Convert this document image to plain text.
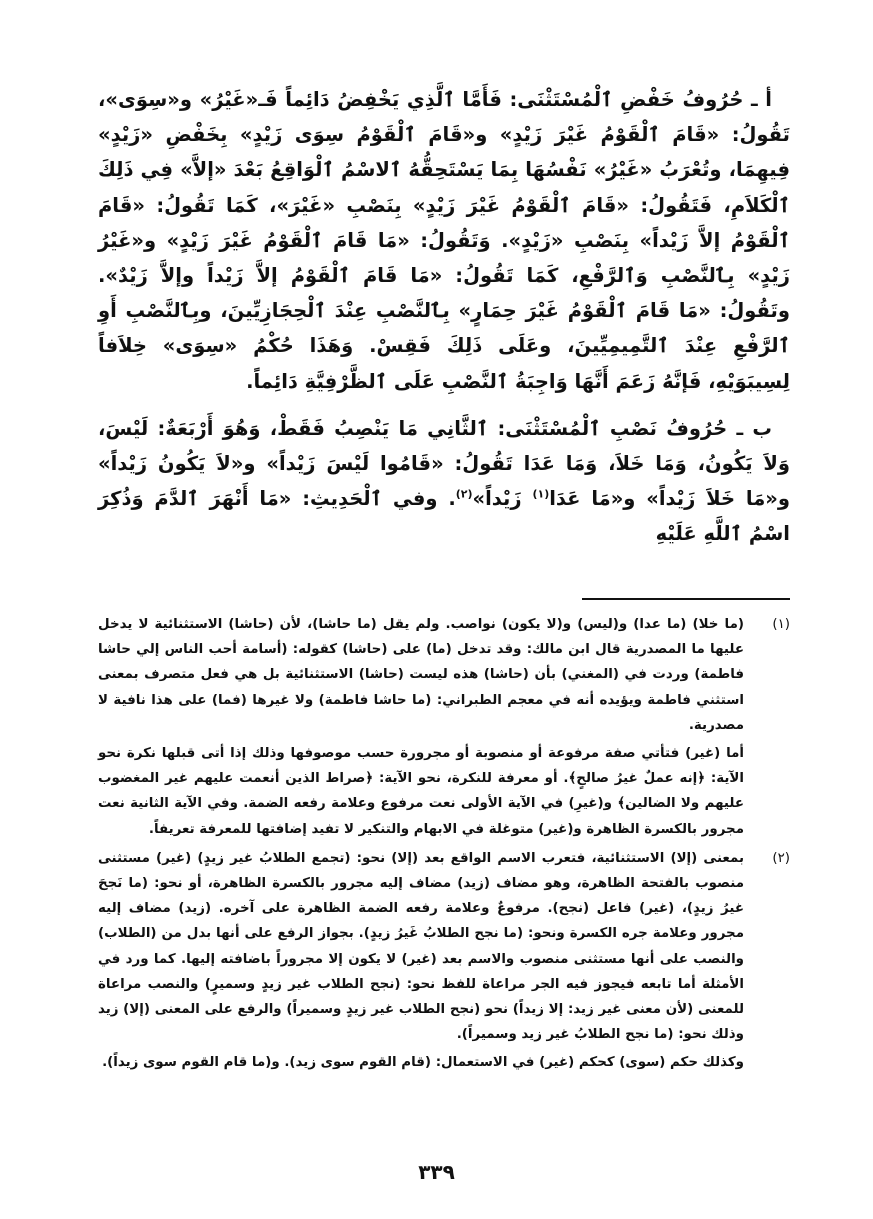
أ ـ حُرُوفُ خَفْضِ ٱلْمُسْتَثْنَى: فَأَمَّا ٱلَّذِي يَخْفِضُ دَائِماً فَـ«غَيْرُ» و«سِوَى»، تَقُولُ: «قَامَ ٱلْقَوْمُ غَيْرَ زَيْدٍ» و«قَامَ ٱلْقَوْمُ سِوَى زَيْدٍ» بِخَفْضِ «زَيْدٍ» فِيهِمَا، وتُعْرَبُ «غَيْرُ» نَفْسُهَا بِمَا يَسْتَحِقُّهُ ٱلاسْمُ ٱلْوَاقِعُ بَعْدَ «إلاَّ» فِي ذَلِكَ ٱلْكَلاَمِ، فَتَقُولُ: «قَامَ ٱلْقَوْمُ غَيْرَ زَيْدٍ» بِنَصْبِ «غَيْرَ»، كَمَا تَقُولُ: «قَامَ ٱلْقَوْمُ إلاَّ زَيْداً» بِنَصْبِ «زَيْدٍ». وَتَقُولُ: «مَا قَامَ ٱلْقَوْمُ غَيْرَ زَيْدٍ» و«غَيْرُ زَيْدٍ» بِٱلنَّصْبِ وَٱلرَّفْعِ، كَمَا تَقُولُ: «مَا قَامَ ٱلْقَوْمُ إلاَّ زَيْداً وإلاَّ زَيْدٌ». وتَقُولُ: «مَا قَامَ ٱلْقَوْمُ غَيْرَ حِمَارٍ» بِٱلنَّصْبِ عِنْدَ ٱلْحِجَازِيِّينَ، وبِٱلنَّصْبِ أَوِ ٱلرَّفْعِ عِنْدَ ٱلتَّمِيمِيِّينَ، وعَلَى ذَلِكَ فَقِسْ. وَهَذَا حُكْمُ «سِوَى» خِلاَفاً لِسِيبَوَيْهِ، فَإنَّهُ زَعَمَ أَنَّهَا وَاجِبَةُ ٱلنَّصْبِ عَلَى ٱلظَّرْفِيَّةِ دَائِماً.

ب ـ حُرُوفُ نَصْبِ ٱلْمُسْتَثْنَى: ٱلثَّانِي مَا يَنْصِبُ فَقَطْ، وَهُوَ أَرْبَعَةٌ: لَيْسَ، وَلاَ يَكُونُ، وَمَا خَلاَ، وَمَا عَدَا تَقُولُ: «قَامُوا لَيْسَ زَيْداً» و«لاَ يَكُونُ زَيْداً» و«مَا خَلاَ زَيْداً» و«مَا عَدَا$^{(١)}$ زَيْداً»$^{(٢)}$. وفي ٱلْحَدِيثِ: «مَا أَنْهَرَ ٱلدَّمَ وَذُكِرَ اسْمُ ٱللَّهِ عَلَيْهِ

(١)

(ما خلا) (ما عدا) و(ليس) و(لا يكون) نواصب. ولم يقل (ما حاشا)، لأن (حاشا) الاستثنائية لا يدخل عليها ما المصدرية قال ابن مالك: وقد تدخل (ما) على (حاشا) كقوله: (أسامة أحب الناس إلي حاشا فاطمة) وردت في (المغني) بأن (حاشا) هذه ليست (حاشا) الاستثنائية بل هي فعل متصرف بمعنى استثني فاطمة ويؤيده أنه في معجم الطبراني: (ما حاشا فاطمة) ولا غيرها (فما) على هذا نافية لا مصدرية.

أما (غير) فتأتي صفة مرفوعة أو منصوبة أو مجرورة حسب موصوفها وذلك إذا أتى قبلها نكرة نحو الآية: ﴿إنه عملٌ غيرُ صالحٍ﴾. أو معرفة للنكرة، نحو الآية: ﴿صراط الذين أنعمت عليهم غير المغضوب عليهم ولا الضالين﴾ و(غيرِ) في الآية الأولى نعت مرفوع وعلامة رفعه الضمة. وفي الآية الثانية نعت مجرور بالكسرة الظاهرة و(غير) متوغلة في الابهام والتنكير لا تفيد إضافتها للمعرفة تعريفاً.

(٢)

بمعنى (إلا) الاستثنائية، فتعرب الاسم الواقع بعد (إلا) نحو: (تجمع الطلابُ غير زيدٍ) (غير) مستثنى منصوب بالفتحة الظاهرة، وهو مضاف (زيد) مضاف إليه مجرور بالكسرة الظاهرة، أو نحو: (ما نَجحَ غيرُ زيدٍ)، (غير) فاعل (نجح). مرفوعٌ وعلامة رفعه الضمة الظاهرة على آخره. (زيد) مضاف إليه مجرور وعلامة جره الكسرة ونحو: (ما نجح الطلابُ غَيرُ زيدٍ). بجواز الرفع على أنها بدل من (الطلاب) والنصب على أنها مستثنى منصوب والاسم بعد (غير) لا يكون إلا مجروراً باضافته إليها. كما ورد في الأمثلة أما تابعه فيجوز فيه الجر مراعاة للفظ نحو: (نجح الطلاب غير زيدٍ وسميرٍ) والنصب مراعاة للمعنى (لأن معنى غير زيد: إلا زيداً) نحو (نجح الطلاب غير زيدٍ وسميراً) والرفع على المعنى (إلا) زيد وذلك نحو: (ما نجح الطلابُ غير زيد وسميراً).

وكذلك حكم (سوى) كحكم (غير) في الاستعمال: (قام القوم سوى زيد). و(ما قام القوم سوى زيداً).

٣٣٩
